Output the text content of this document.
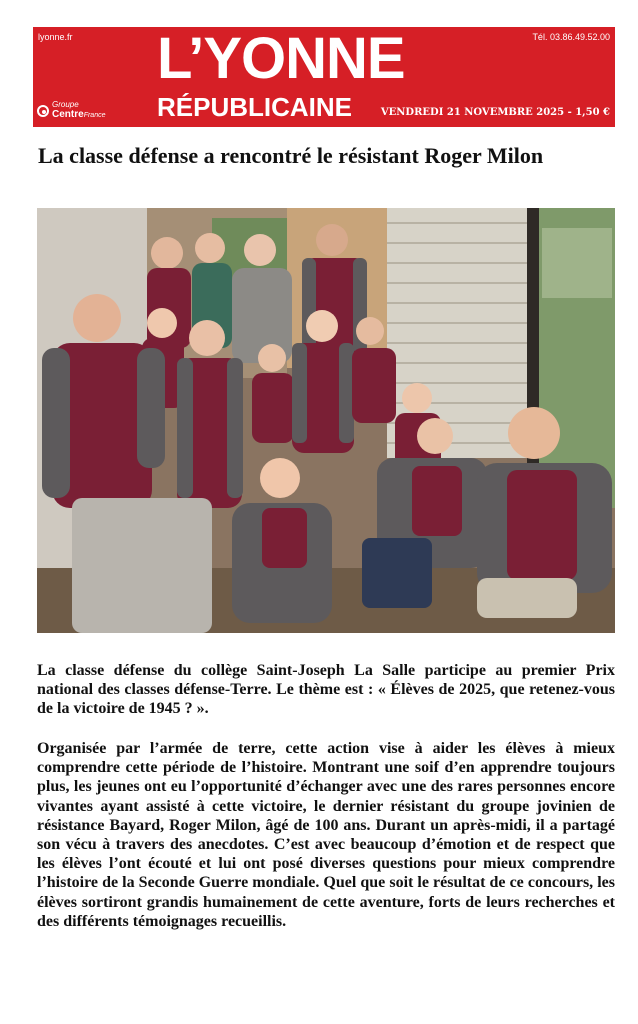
lyonne.fr	Tél. 03.86.49.52.00
L’YONNE
RÉPUBLICAINE
Groupe
CentreFrance	VENDREDI 21 NOVEMBRE 2025 - 1,50 €
La classe défense a rencontré le résistant Roger Milon

La classe défense du collège Saint-Joseph La Salle participe au premier Prix national des classes défense-Terre. Le thème est : « Élèves de 2025, que retenez-vous de la victoire de 1945 ? ».

Organisée par l’armée de terre, cette action vise à aider les élèves à mieux comprendre cette période de l’histoire. Montrant une soif d’en apprendre toujours plus, les jeunes ont eu l’opportunité d’échanger avec une des rares personnes encore vivantes ayant assisté à cette victoire, le dernier résistant du groupe jovinien de résistance Bayard, Roger Milon, âgé de 100 ans. Durant un après-midi, il a partagé son vécu à travers des anecdotes. C’est avec beaucoup d’émotion et de respect que les élèves l’ont écouté et lui ont posé diverses questions pour mieux comprendre l’histoire de la Seconde Guerre mondiale. Quel que soit le résultat de ce concours, les élèves sortiront grandis humainement de cette aventure, forts de leurs recherches et des différents témoignages recueillis.
